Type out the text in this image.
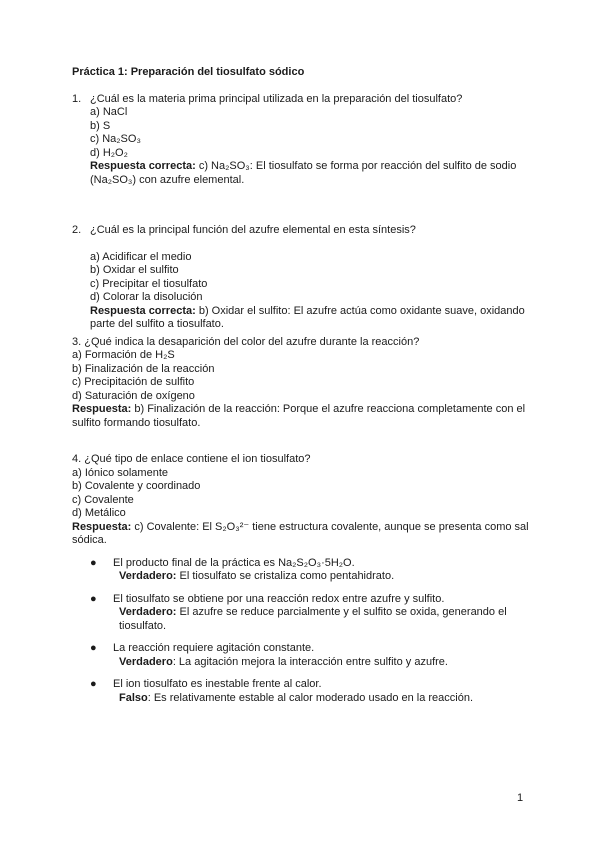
Práctica 1: Preparación del tiosulfato sódico
1. ¿Cuál es la materia prima principal utilizada en la preparación del tiosulfato?
a) NaCl
b) S
c) Na₂SO₃
d) H₂O₂
Respuesta correcta: c) Na₂SO₃: El tiosulfato se forma por reacción del sulfito de sodio (Na₂SO₃) con azufre elemental.
2. ¿Cuál es la principal función del azufre elemental en esta síntesis?
a) Acidificar el medio
b) Oxidar el sulfito
c) Precipitar el tiosulfato
d) Colorar la disolución
Respuesta correcta: b) Oxidar el sulfito: El azufre actúa como oxidante suave, oxidando parte del sulfito a tiosulfato.
3. ¿Qué indica la desaparición del color del azufre durante la reacción?
a) Formación de H₂S
b) Finalización de la reacción
c) Precipitación de sulfito
d) Saturación de oxígeno
Respuesta: b) Finalización de la reacción: Porque el azufre reacciona completamente con el sulfito formando tiosulfato.
4. ¿Qué tipo de enlace contiene el ion tiosulfato?
a) Iónico solamente
b) Covalente y coordinado
c) Covalente
d) Metálico
Respuesta: c) Covalente: El S₂O₃²⁻ tiene estructura covalente, aunque se presenta como sal sódica.
●	El producto final de la práctica es Na₂S₂O₃·5H₂O.
Verdadero: El tiosulfato se cristaliza como pentahidrato.
●	El tiosulfato se obtiene por una reacción redox entre azufre y sulfito.
Verdadero: El azufre se reduce parcialmente y el sulfito se oxida, generando el tiosulfato.
●	La reacción requiere agitación constante.
Verdadero: La agitación mejora la interacción entre sulfito y azufre.
●	El ion tiosulfato es inestable frente al calor.
Falso: Es relativamente estable al calor moderado usado en la reacción.
1
